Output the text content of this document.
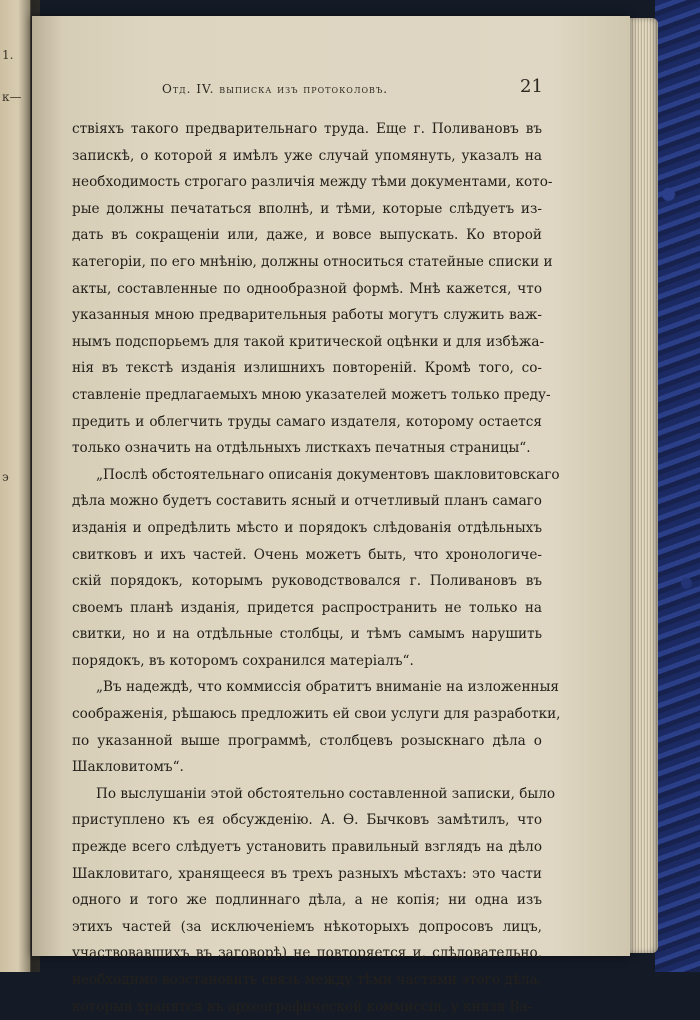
1.
к—
э
Отд. IV. выписка изъ протоколовъ.	21
ствіяхъ такого предварительнаго труда. Еще г. Поливановъ въ
запискѣ, о которой я имѣлъ уже случай упомянуть, указалъ на
необходимость строгаго различія между тѣми документами, кото-
рые должны печататься вполнѣ, и тѣми, которые слѣдуетъ из-
дать въ сокращеніи или, даже, и вовсе выпускать. Ко второй
категоріи, по его мнѣнію, должны относиться статейные списки и
акты, составленные по однообразной формѣ. Мнѣ кажется, что
указанныя мною предварительныя работы могутъ служить важ-
нымъ подспорьемъ для такой критической оцѣнки и для избѣжа-
нія въ текстѣ изданія излишнихъ повтореній. Кромѣ того, со-
ставленіе предлагаемыхъ мною указателей можетъ только преду-
предить и облегчить труды самаго издателя, которому остается
только означить на отдѣльныхъ листкахъ печатныя страницы“.
„Послѣ обстоятельнаго описанія документовъ шакловитовскаго
дѣла можно будетъ составить ясный и отчетливый планъ самаго
изданія и опредѣлить мѣсто и порядокъ слѣдованія отдѣльныхъ
свитковъ и ихъ частей. Очень можетъ быть, что хронологиче-
скій порядокъ, которымъ руководствовался г. Поливановъ въ
своемъ планѣ изданія, придется распространить не только на
свитки, но и на отдѣльные столбцы, и тѣмъ самымъ нарушить
порядокъ, въ которомъ сохранился матеріалъ“.
„Въ надеждѣ, что коммиссія обратитъ вниманіе на изложенныя
соображенія, рѣшаюсь предложить ей свои услуги для разработки,
по указанной выше программѣ, столбцевъ розыскнаго дѣла о
Шакловитомъ“.
По выслушаніи этой обстоятельно составленной записки, было
приступлено къ ея обсужденію. А. Ѳ. Бычковъ замѣтилъ, что
прежде всего слѣдуетъ установить правильный взглядъ на дѣло
Шакловитаго, хранящееся въ трехъ разныхъ мѣстахъ: это части
одного и того же подлиннаго дѣла, а не копія; ни одна изъ
этихъ частей (за исключеніемъ нѣкоторыхъ допросовъ лицъ,
участвовавшихъ въ заговорѣ) не повторяется и, слѣдовательно,
необходимо возстановить связь между тѣми частями этого дѣла,
которыя хранятся въ археографической коммиссіи, у князя Ва-
